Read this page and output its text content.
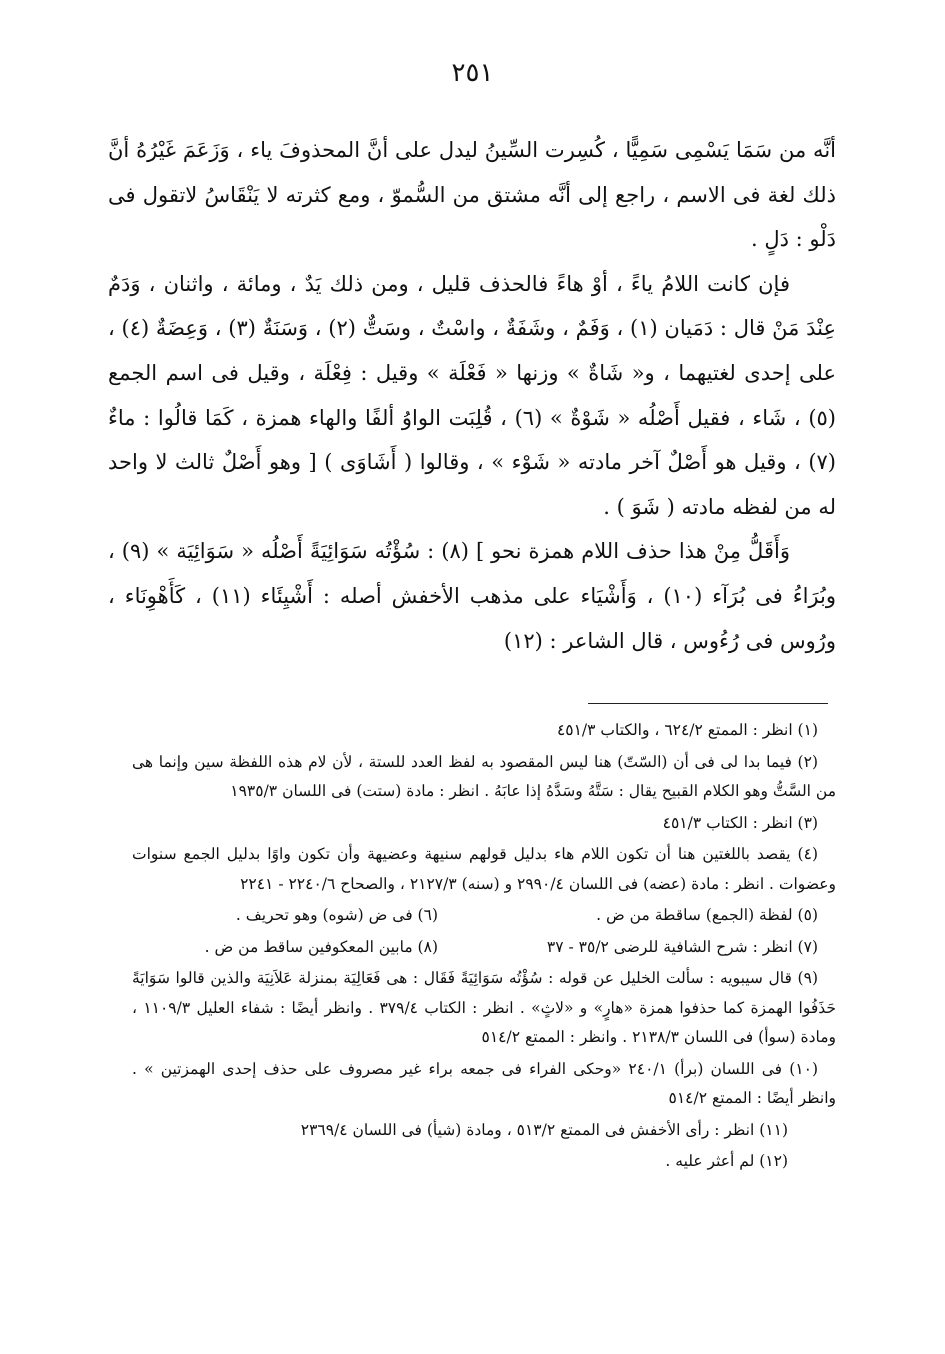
٢٥١

أنَّه من سَمَا يَسْمِى سَمِيًّا ، كُسِرت السِّينُ ليدل على أنَّ المحذوفَ ياء ، وَزَعَمَ غَيْرُهُ أنَّ ذلك لغة فى الاسم ، راجع إلى أنَّه مشتق من السُّموّ ، ومع كثرته لا يَنْقَاسُ لاتقول فى دَلْو : دَلٍ .

فإن كانت اللامُ ياءً ، أوْ هاءً فالحذف قليل ، ومن ذلك يَدٌ ، ومائة ، واثنان ، وَدَمٌ عِنْدَ مَنْ قال : دَمَيان (١) ، وَفَمٌ ، وشَفَةٌ ، واسْتٌ ، وسَتٌّ (٢) ، وَسَنَةٌ (٣) ، وَعِضَةٌ (٤) ، على إحدى لغتيهما ، و« شَاةٌ » وزنها « فَعْلَة » وقيل : فِعْلَة ، وقيل فى اسم الجمع (٥) ، شَاء ، فقيل أَصْلُه « شَوْةٌ » (٦) ، قُلِبَت الواوُ ألفًا والهاء همزة ، كَمَا قالُوا : ماءٌ (٧) ، وقيل هو أَصْلٌ آخر مادته « شَوْء » ، وقالوا ( أَشَاوَى ) [ وهو أَصْلٌ ثالث لا واحد له من لفظه مادته ( شَوَ ) .

وَأَقَلُّ مِنْ هذا حذف اللام همزة نحو ] (٨) : سُؤْتُه سَوَائِيَةً أَصْلُه « سَوَائِيَة » (٩) ، وبُرَاءُ فى بُرَآء (١٠) ، وَأَشْيَاء على مذهب الأخفش أصله : أَشْيِئَاء (١١) ، كَأَهْوِنَاء ، ورُوس فى رُءُوس ، قال الشاعر : (١٢)

(١) انظر : الممتع ٦٢٤/٢ ، والكتاب ٤٥١/٣

(٢) فيما بدا لى فى أن (السّتّ) هنا ليس المقصود به لفظ العدد للستة ، لأن لام هذه اللفظة سين وإنما هى من السَّتُّ وهو الكلام القبيح يقال : سَتَّهُ وسَدَّهُ إذا عابَهُ . انظر : مادة (ستت) فى اللسان ١٩٣٥/٣

(٣) انظر : الكتاب ٤٥١/٣

(٤) يقصد باللغتين هنا أن تكون اللام هاء بدليل قولهم سنيهة وعضيهة وأن تكون واوًا بدليل الجمع سنوات وعضوات . انظر : مادة (عضه) فى اللسان ٢٩٩٠/٤ و (سنه) ٢١٢٧/٣ ، والصحاح ٢٢٤٠/٦ - ٢٢٤١

(٥) لفظة (الجمع) ساقطة من ض .
(٦) فى ض (شوه) وهو تحريف .
(٧) انظر : شرح الشافية للرضى ٣٥/٢ - ٣٧
(٨) مابين المعكوفين ساقط من ض .

(٩) قال سيبويه : سألت الخليل عن قوله : سُؤْتُه سَوَائِيَةً فَقَال : هى فَعَالِيَة بمنزلة عَلاَنِيَة والذين قالوا سَوَايَةً حَذَفُوا الهمزة كما حذفوا همزة «هارٍ» و «لاثٍ» . انظر : الكتاب ٣٧٩/٤ . وانظر أيضًا : شفاء العليل ١١٠٩/٣ ، ومادة (سوأ) فى اللسان ٢١٣٨/٣ . وانظر : الممتع ٥١٤/٢

(١٠) فى اللسان (برأ) ٢٤٠/١ «وحكى الفراء فى جمعه براء غير مصروف على حذف إحدى الهمزتين » . وانظر أيضًا : الممتع ٥١٤/٢

(١١) انظر : رأى الأخفش فى الممتع ٥١٣/٢ ، ومادة (شيأ) فى اللسان ٢٣٦٩/٤

(١٢) لم أعثر عليه .
